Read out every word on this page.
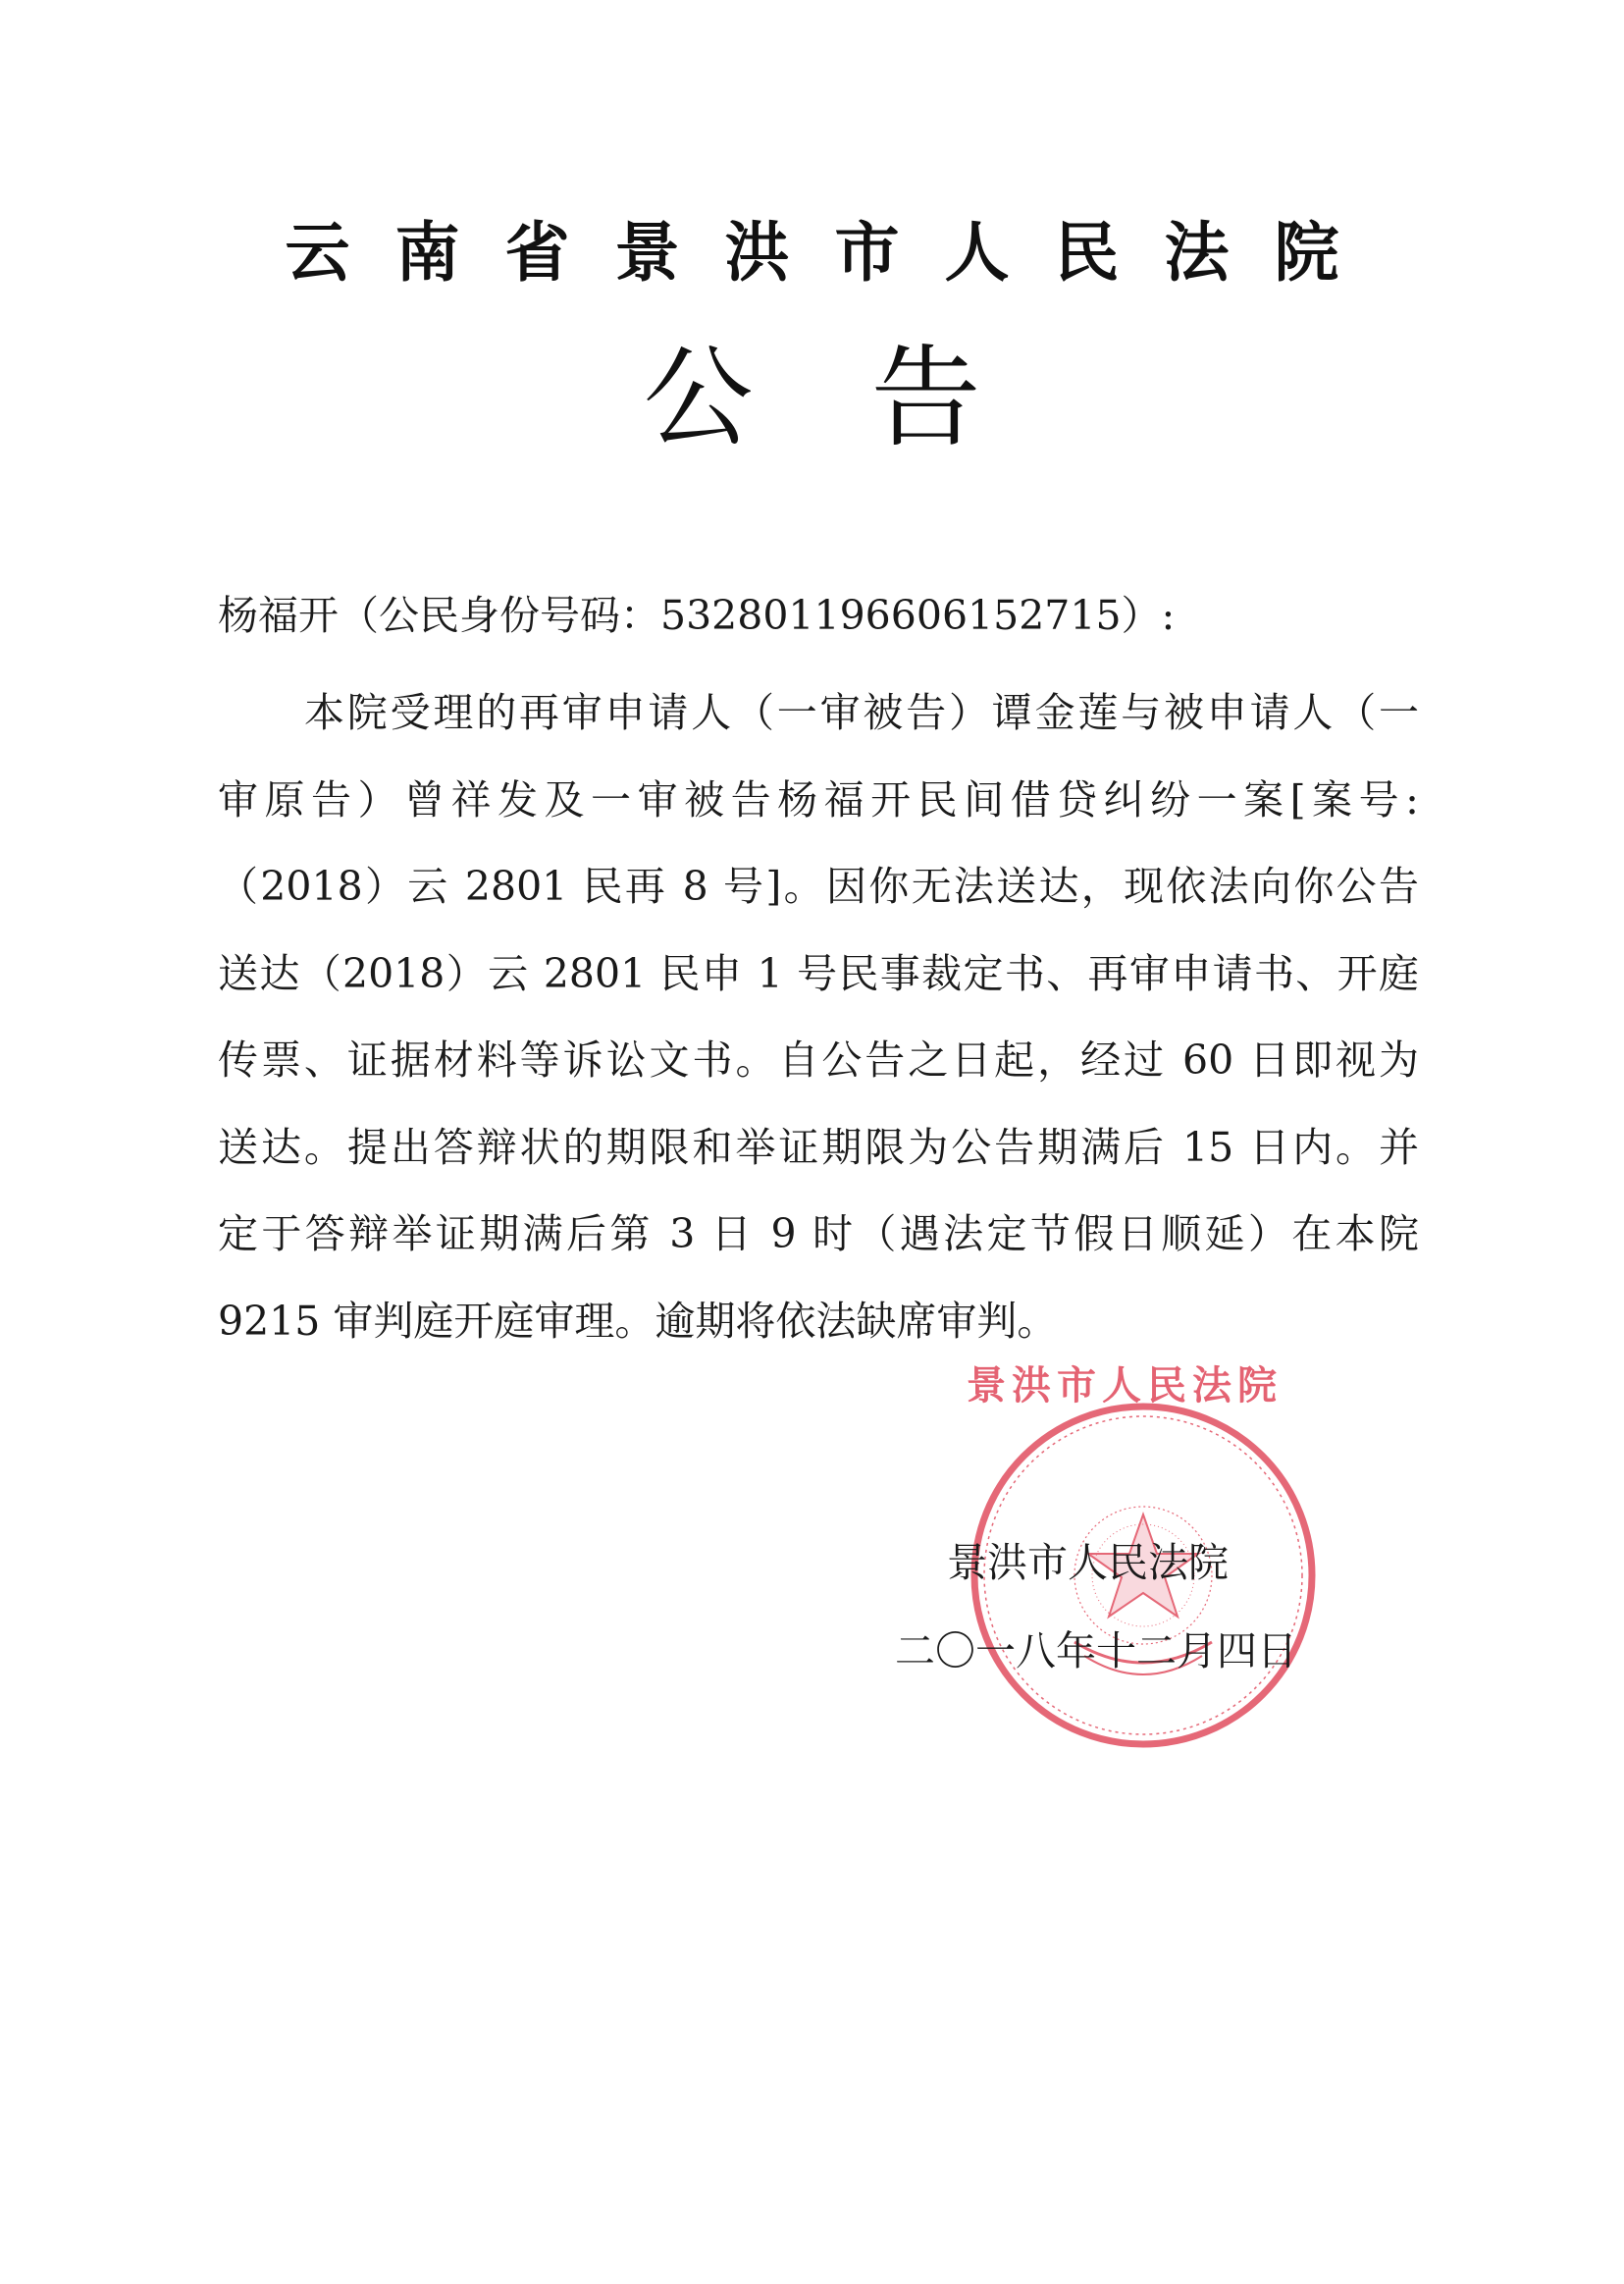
云南省景洪市人民法院
公告
杨福开（公民身份号码：532801196606152715）:
本院受理的再审申请人（一审被告）谭金莲与被申请人（一
审原告）曾祥发及一审被告杨福开民间借贷纠纷一案[案号:
（2018）云 2801 民再 8 号]。因你无法送达，现依法向你公告
送达（2018）云 2801 民申 1 号民事裁定书、再审申请书、开庭
传票、证据材料等诉讼文书。自公告之日起，经过 60 日即视为
送达。提出答辩状的期限和举证期限为公告期满后 15 日内。并
定于答辩举证期满后第 3 日 9 时（遇法定节假日顺延）在本院
9215 审判庭开庭审理。逾期将依法缺席审判。
景洪市人民法院
景洪市人民法院
二〇一八年十二月四日
